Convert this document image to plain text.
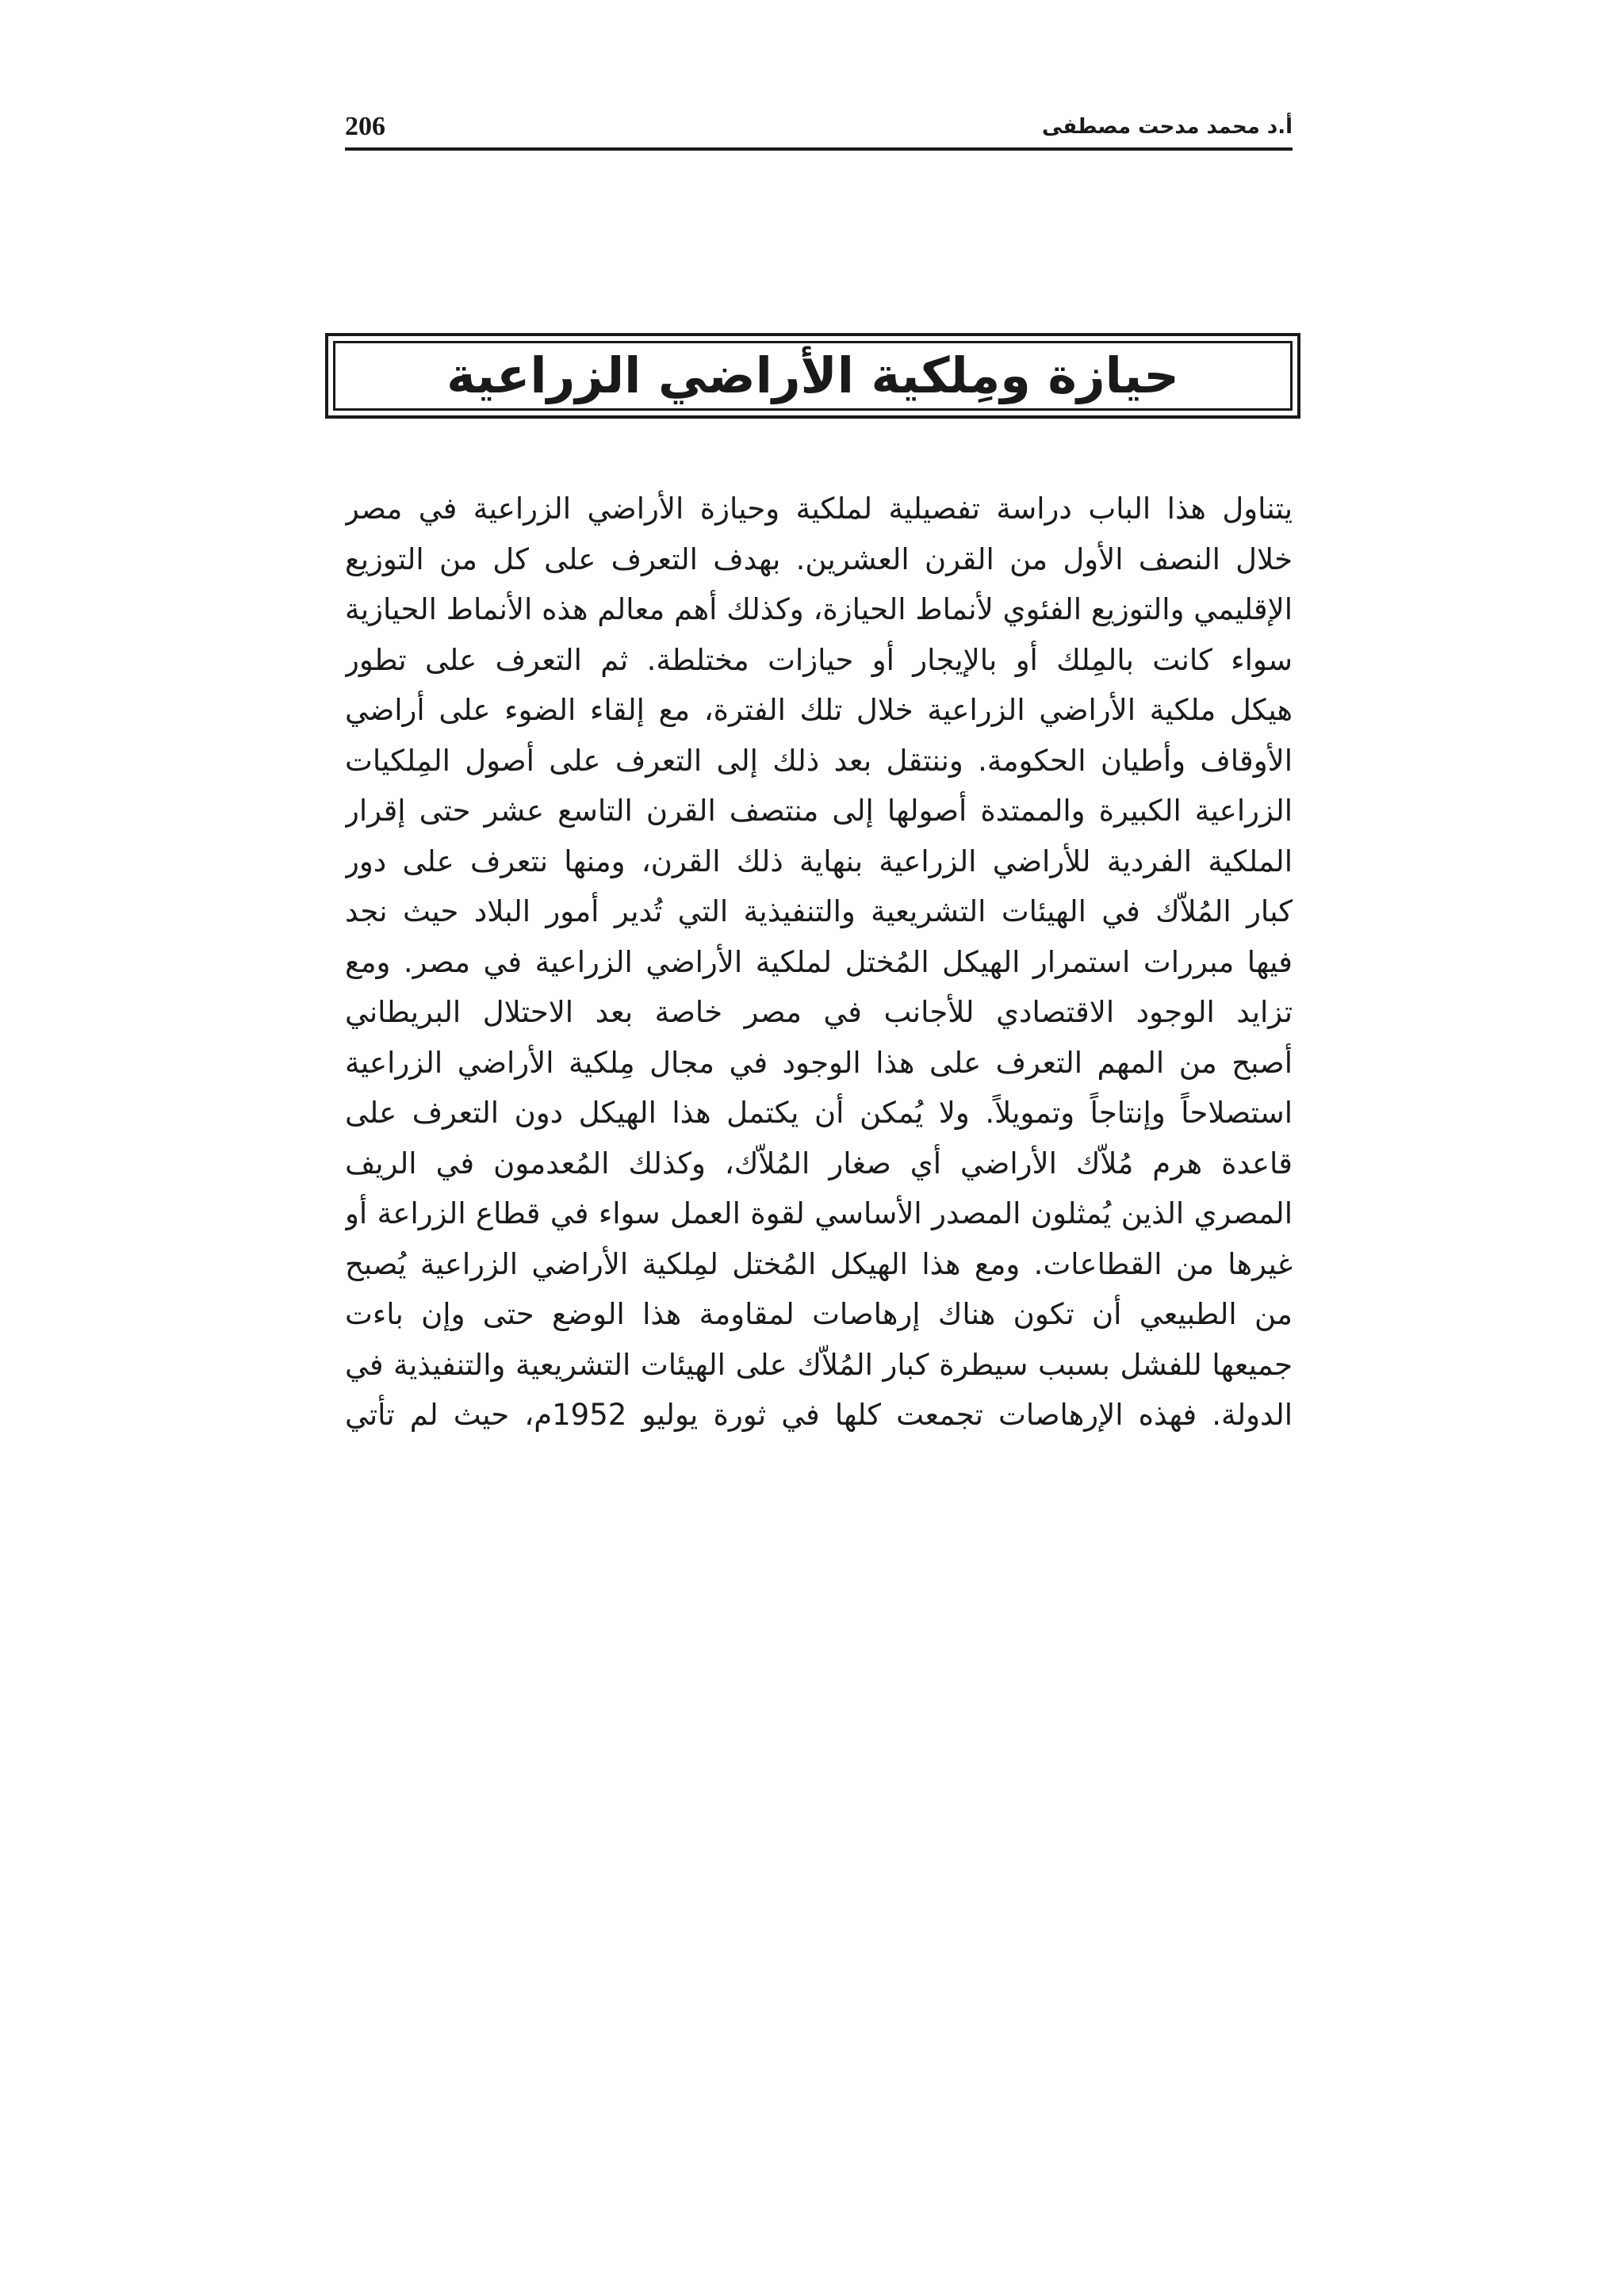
206	أ.د محمد مدحت مصطفى
حيازة ومِلكية الأراضي الزراعية
يتناول هذا الباب دراسة تفصيلية لملكية وحيازة الأراضي الزراعية في مصر
خلال النصف الأول من القرن العشرين. بهدف التعرف على كل من التوزيع
الإقليمي والتوزيع الفئوي لأنماط الحيازة، وكذلك أهم معالم هذه الأنماط الحيازية
سواء كانت بالمِلك أو بالإيجار أو حيازات مختلطة. ثم التعرف على تطور
هيكل ملكية الأراضي الزراعية خلال تلك الفترة، مع إلقاء الضوء على أراضي
الأوقاف وأطيان الحكومة. وننتقل بعد ذلك إلى التعرف على أصول المِلكيات
الزراعية الكبيرة والممتدة أصولها إلى منتصف القرن التاسع عشر حتى إقرار
الملكية الفردية للأراضي الزراعية بنهاية ذلك القرن، ومنها نتعرف على دور
كبار المُلاّك في الهيئات التشريعية والتنفيذية التي تُدير أمور البلاد حيث نجد
فيها مبررات استمرار الهيكل المُختل لملكية الأراضي الزراعية في مصر. ومع
تزايد الوجود الاقتصادي للأجانب في مصر خاصة بعد الاحتلال البريطاني
أصبح من المهم التعرف على هذا الوجود في مجال مِلكية الأراضي الزراعية
استصلاحاً وإنتاجاً وتمويلاً. ولا يُمكن أن يكتمل هذا الهيكل دون التعرف على
قاعدة هرم مُلاّك الأراضي أي صغار المُلاّك، وكذلك المُعدمون في الريف
المصري الذين يُمثلون المصدر الأساسي لقوة العمل سواء في قطاع الزراعة أو
غيرها من القطاعات. ومع هذا الهيكل المُختل لمِلكية الأراضي الزراعية يُصبح
من الطبيعي أن تكون هناك إرهاصات لمقاومة هذا الوضع حتى وإن باءت
جميعها للفشل بسبب سيطرة كبار المُلاّك على الهيئات التشريعية والتنفيذية في
الدولة. فهذه الإرهاصات تجمعت كلها في ثورة يوليو 1952م، حيث لم تأتي
